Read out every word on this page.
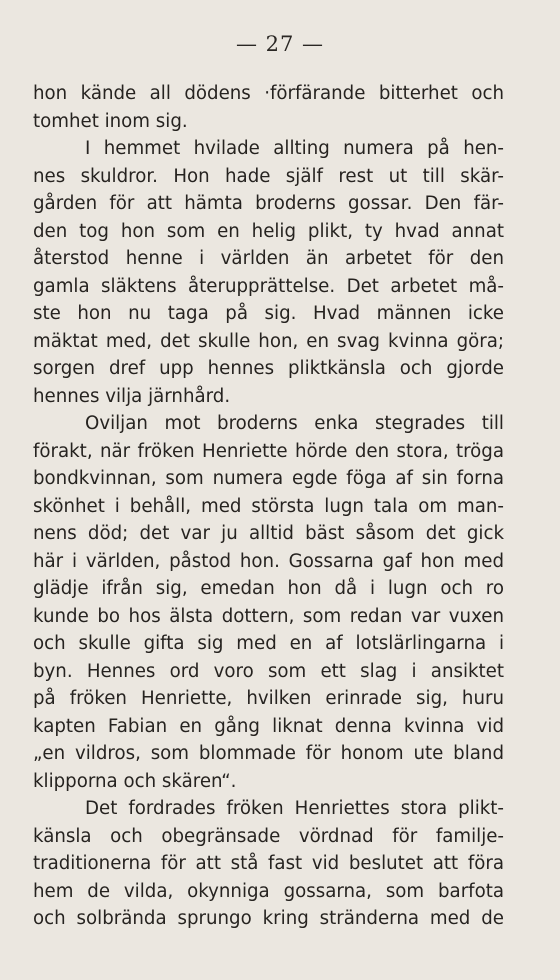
— 27 —
hon kände all dödens ·förfärande bitterhet och
tomhet inom sig.
I hemmet hvilade allting numera på hen-
nes skuldror. Hon hade själf rest ut till skär-
gården för att hämta broderns gossar. Den fär-
den tog hon som en helig plikt, ty hvad annat
återstod henne i världen än arbetet för den
gamla släktens återupprättelse. Det arbetet må-
ste hon nu taga på sig. Hvad männen icke
mäktat med, det skulle hon, en svag kvinna göra;
sorgen dref upp hennes pliktkänsla och gjorde
hennes vilja järnhård.
Oviljan mot broderns enka stegrades till
förakt, när fröken Henriette hörde den stora, tröga
bondkvinnan, som numera egde föga af sin forna
skönhet i behåll, med största lugn tala om man-
nens död; det var ju alltid bäst såsom det gick
här i världen, påstod hon. Gossarna gaf hon med
glädje ifrån sig, emedan hon då i lugn och ro
kunde bo hos älsta dottern, som redan var vuxen
och skulle gifta sig med en af lotslärlingarna i
byn. Hennes ord voro som ett slag i ansiktet
på fröken Henriette, hvilken erinrade sig, huru
kapten Fabian en gång liknat denna kvinna vid
„en vildros, som blommade för honom ute bland
klipporna och skären“.
Det fordrades fröken Henriettes stora plikt-
känsla och obegränsade vördnad för familje-
traditionerna för att stå fast vid beslutet att föra
hem de vilda, okynniga gossarna, som barfota
och solbrända sprungo kring stränderna med de
